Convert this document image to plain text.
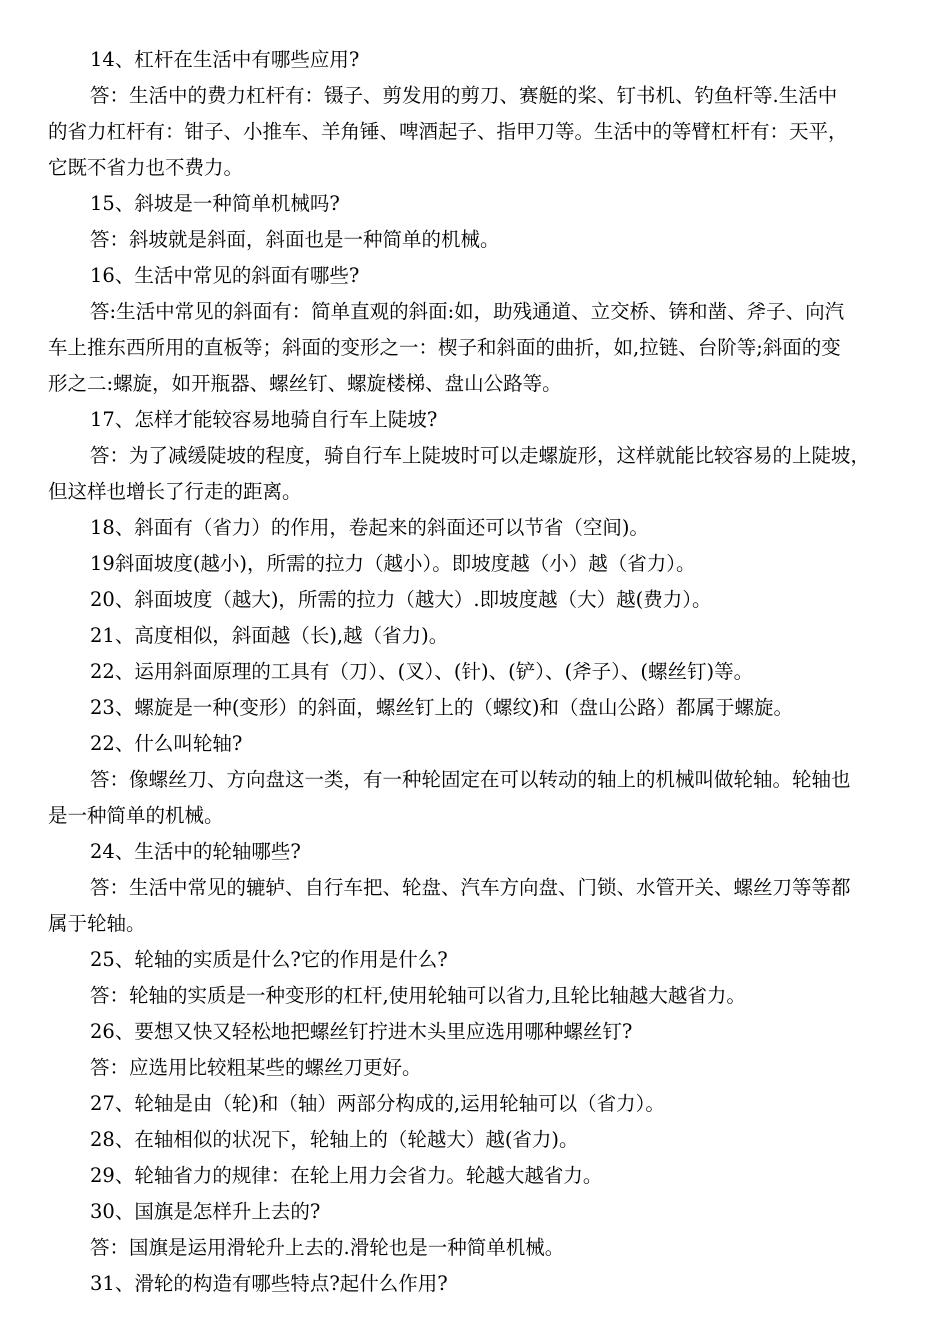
14、杠杆在生活中有哪些应用?
答：生活中的费力杠杆有：镊子、剪发用的剪刀、赛艇的桨、钉书机、钓鱼杆等.生活中
的省力杠杆有：钳子、小推车、羊角锤、啤酒起子、指甲刀等。生活中的等臂杠杆有：天平，
它既不省力也不费力。
15、斜坡是一种简单机械吗?
答：斜坡就是斜面，斜面也是一种简单的机械。
16、生活中常见的斜面有哪些?
答:生活中常见的斜面有：简单直观的斜面:如，助残通道、立交桥、锛和凿、斧子、向汽
车上推东西所用的直板等；斜面的变形之一：楔子和斜面的曲折，如,拉链、台阶等;斜面的变
形之二:螺旋，如开瓶器、螺丝钉、螺旋楼梯、盘山公路等。
17、怎样才能较容易地骑自行车上陡坡?
答：为了减缓陡坡的程度，骑自行车上陡坡时可以走螺旋形，这样就能比较容易的上陡坡，
但这样也增长了行走的距离。
18、斜面有（省力）的作用，卷起来的斜面还可以节省（空间)。
19斜面坡度(越小)，所需的拉力（越小）。即坡度越（小）越（省力）。
20、斜面坡度（越大)，所需的拉力（越大）.即坡度越（大）越(费力）。
21、高度相似，斜面越（长),越（省力)。
22、运用斜面原理的工具有（刀）、(叉）、(针)、(铲）、(斧子）、(螺丝钉)等。
23、螺旋是一种(变形）的斜面，螺丝钉上的（螺纹)和（盘山公路）都属于螺旋。
22、什么叫轮轴?
答：像螺丝刀、方向盘这一类，有一种轮固定在可以转动的轴上的机械叫做轮轴。轮轴也
是一种简单的机械。
24、生活中的轮轴哪些?
答：生活中常见的辘轳、自行车把、轮盘、汽车方向盘、门锁、水管开关、螺丝刀等等都
属于轮轴。
25、轮轴的实质是什么?它的作用是什么?
答：轮轴的实质是一种变形的杠杆,使用轮轴可以省力,且轮比轴越大越省力。
26、要想又快又轻松地把螺丝钉拧进木头里应选用哪种螺丝钉?
答：应选用比较粗某些的螺丝刀更好。
27、轮轴是由（轮)和（轴）两部分构成的,运用轮轴可以（省力）。
28、在轴相似的状况下，轮轴上的（轮越大）越(省力)。
29、轮轴省力的规律：在轮上用力会省力。轮越大越省力。
30、国旗是怎样升上去的?
答：国旗是运用滑轮升上去的.滑轮也是一种简单机械。
31、滑轮的构造有哪些特点?起什么作用?
